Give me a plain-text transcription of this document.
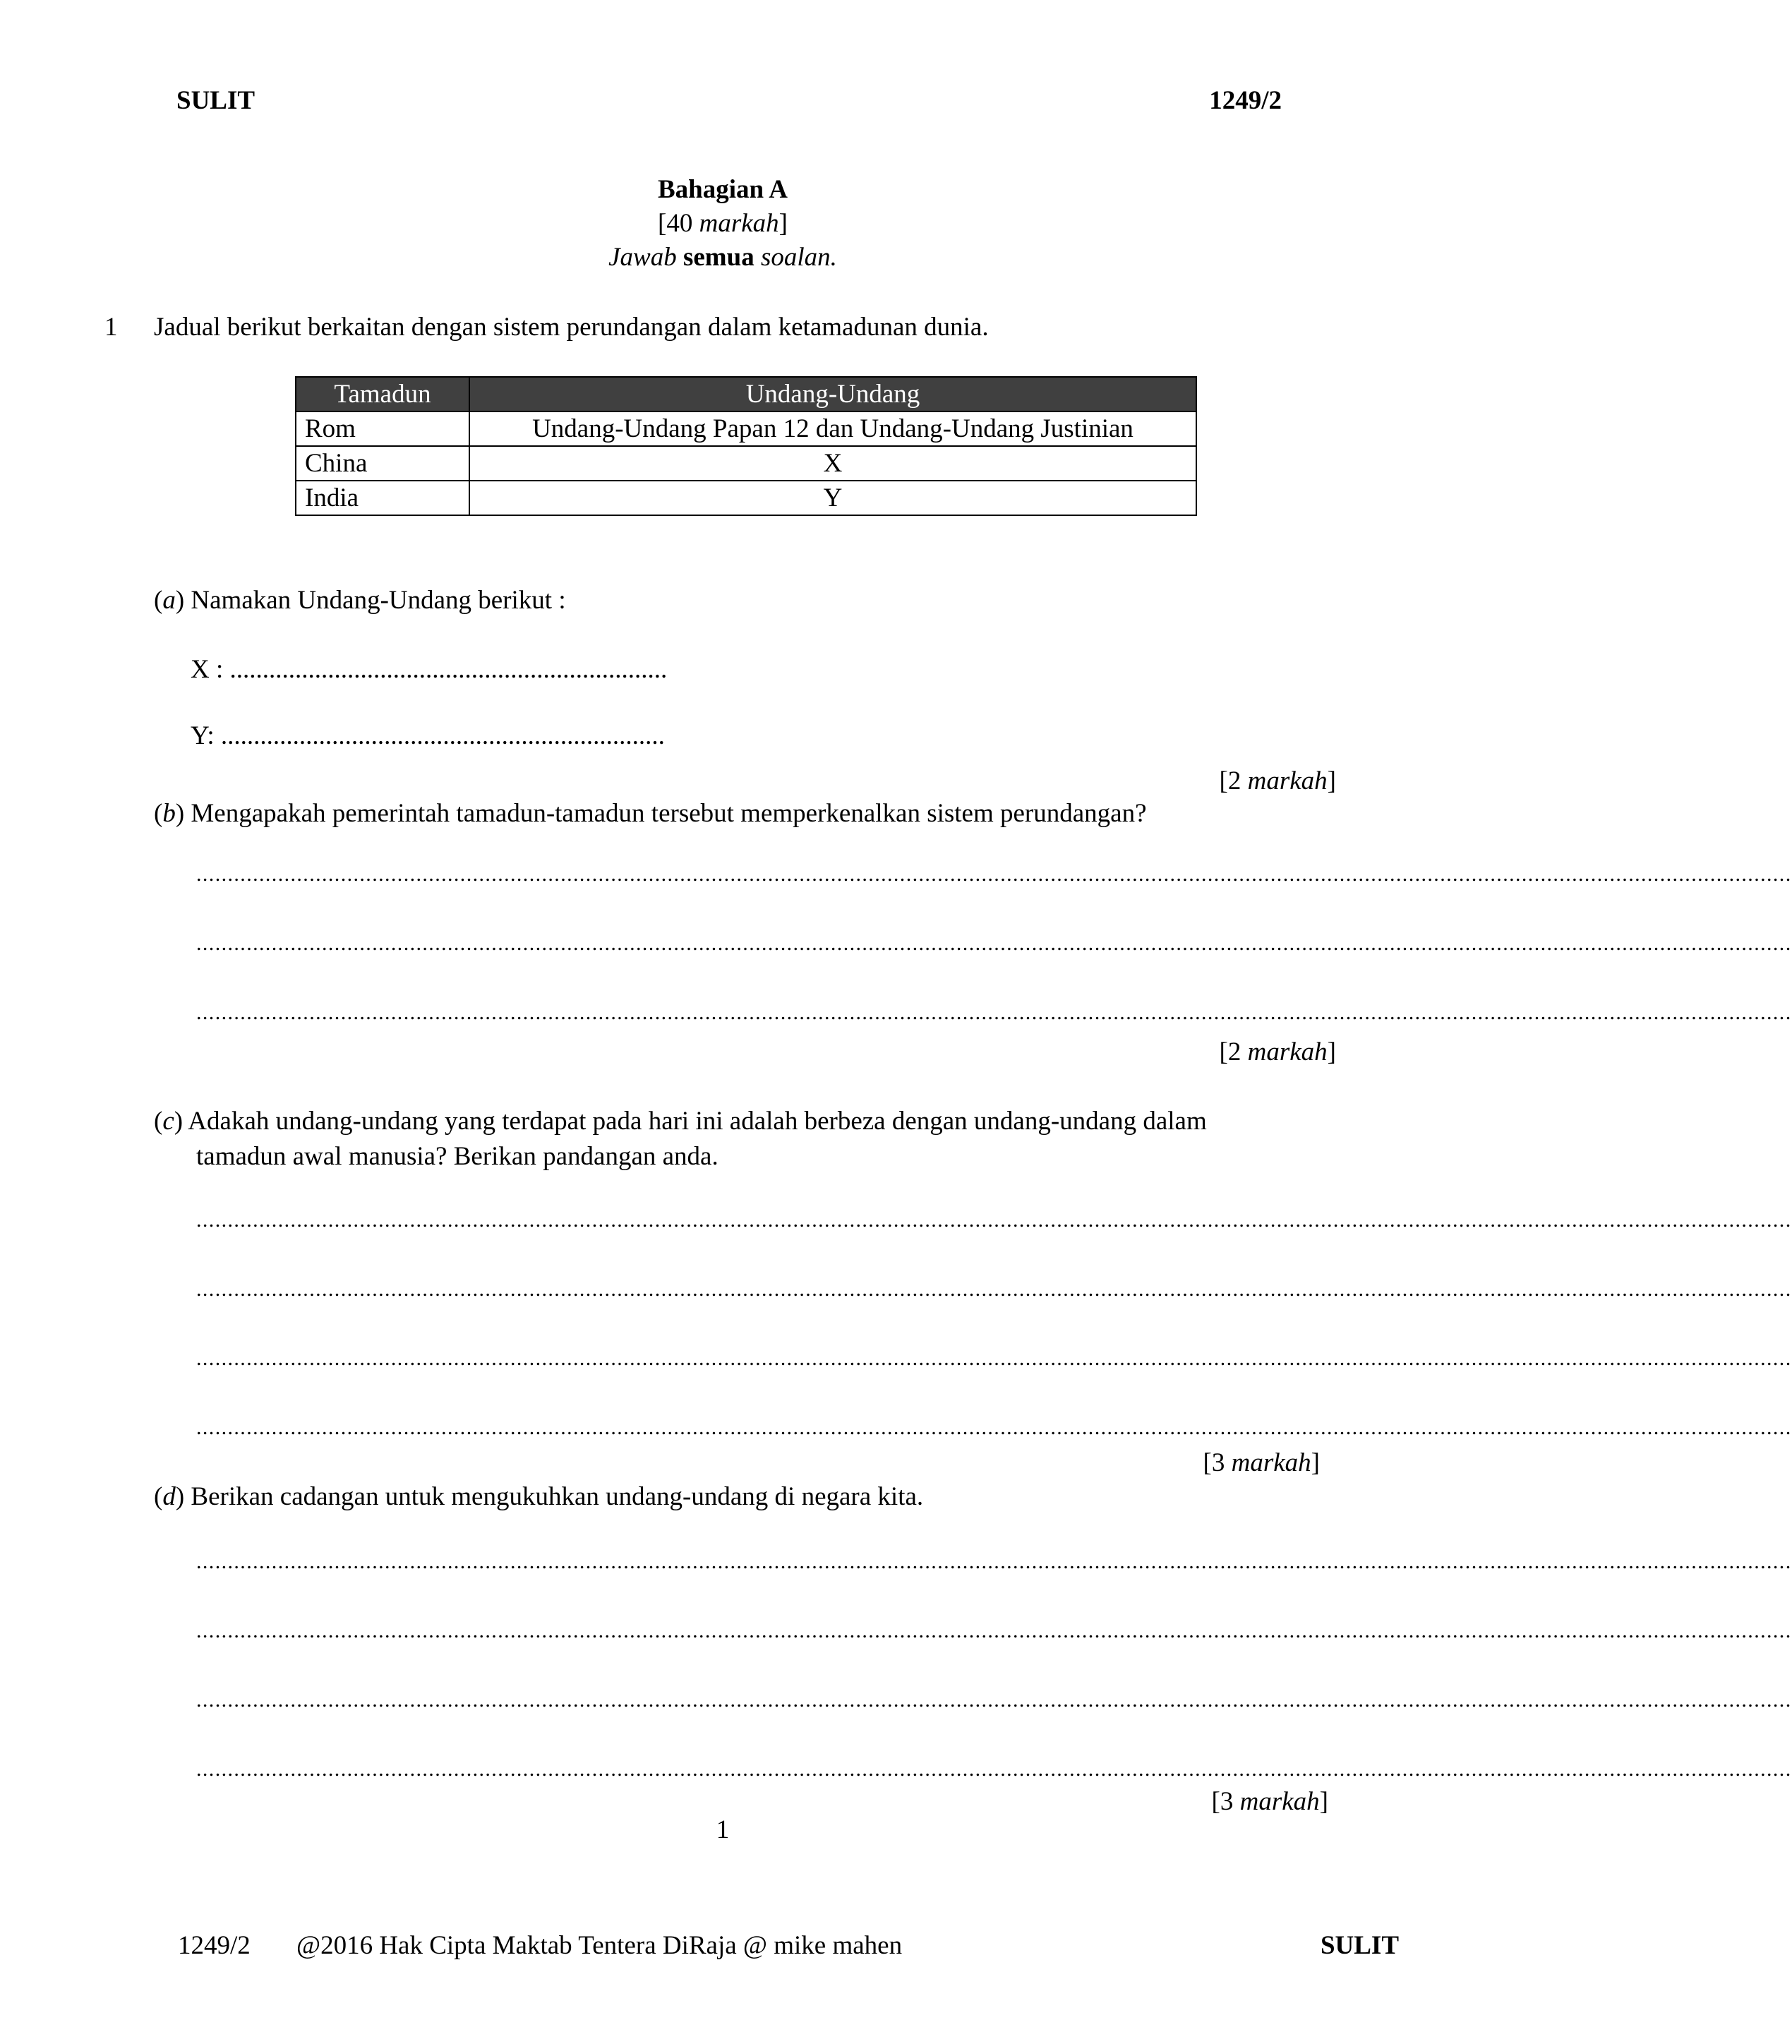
SULIT	1249/2
Bahagian A
[40 markah]
Jawab semua soalan.
1 Jadual berikut berkaitan dengan sistem perundangan dalam ketamadunan dunia.
Tamadun	Undang-Undang
Rom	Undang-Undang Papan 12 dan Undang-Undang Justinian
China	X
India	Y
(a) Namakan Undang-Undang berikut :
X : ...................................................................
Y: ....................................................................
[2 markah]
(b) Mengapakah pemerintah tamadun-tamadun tersebut memperkenalkan sistem perundangan?
..............................................................................................................................................................................................................................................................
..............................................................................................................................................................................................................................................................
..............................................................................................................................................................................................................................................................
[2 markah]
(c) Adakah undang-undang yang terdapat pada hari ini adalah berbeza dengan undang-undang dalam
tamadun awal manusia? Berikan pandangan anda.
..............................................................................................................................................................................................................................................................
..............................................................................................................................................................................................................................................................
..............................................................................................................................................................................................................................................................
..............................................................................................................................................................................................................................................................
[3 markah]
(d) Berikan cadangan untuk mengukuhkan undang-undang di negara kita.
..............................................................................................................................................................................................................................................................
..............................................................................................................................................................................................................................................................
..............................................................................................................................................................................................................................................................
..............................................................................................................................................................................................................................................................
[3 markah]
1
1249/2 @2016 Hak Cipta Maktab Tentera DiRaja @ mike mahen	SULIT
